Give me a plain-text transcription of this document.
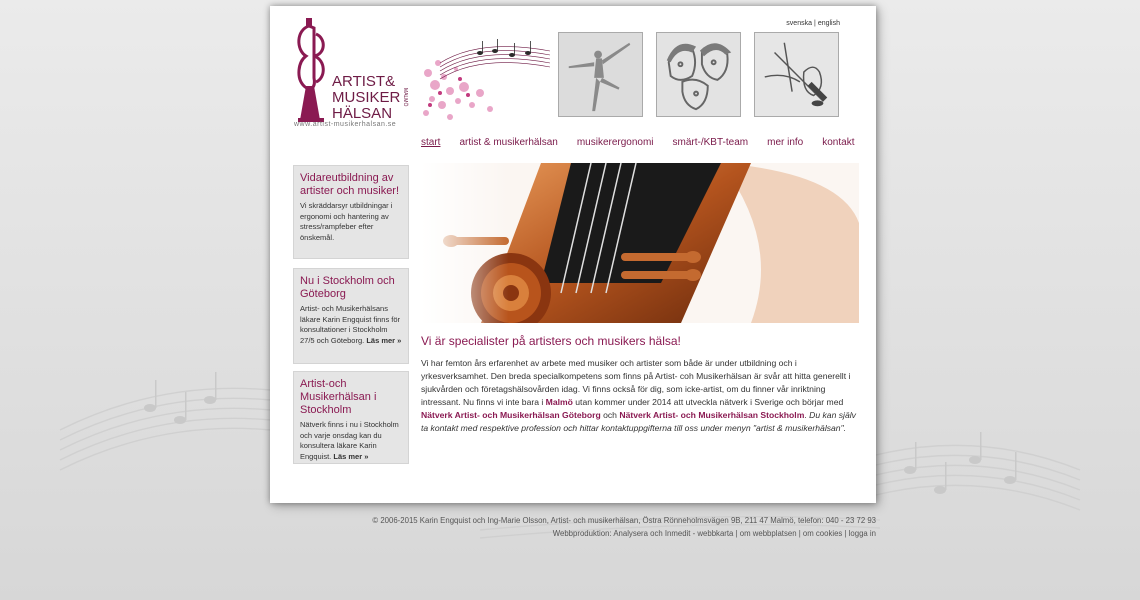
svenska | english
ARTIST&
MUSIKER
HÄLSAN
MALMÖ
www.artist-musikerhalsan.se
start artist & musikerhälsan musikerergonomi smärt-/KBT-team mer info kontakt
Vidareutbildning av artister och musiker!

Vi skräddarsyr utbildningar i ergonomi och hantering av stress/rampfeber efter önskemål.

Nu i Stockholm och Göteborg

Artist- och Musikerhälsans läkare Karin Engquist finns för konsultationer i Stockholm 27/5 och Göteborg. Läs mer »

Artist-och Musikerhälsan i Stockholm

Nätverk finns i nu i Stockholm och varje onsdag kan du konsultera läkare Karin Engquist. Läs mer »

Vi är specialister på artisters och musikers hälsa!
Vi har femton års erfarenhet av arbete med musiker och artister som både är under utbildning och i yrkesverksamhet. Den breda specialkompetens som finns på Artist- coh Musikerhälsan är svår att hitta generellt i sjukvården och företagshälsovården idag. Vi finns också för dig, som icke-artist, om du finner vår inriktning intressant. Nu finns vi inte bara i Malmö utan kommer under 2014 att utveckla nätverk i Sverige och börjar med Nätverk Artist- och Musikerhälsan Göteborg och Nätverk Artist- och Musikerhälsan Stockholm. Du kan själv ta kontakt med respektive profession och hittar kontaktuppgifterna till oss under menyn "artist & musikerhälsan".
© 2006-2015 Karin Engquist och Ing-Marie Olsson, Artist- och musikerhälsan, Östra Rönneholmsvägen 9B, 211 47 Malmö, telefon: 040 - 23 72 93
Webbproduktion: Analysera och Inmedit - webbkarta | om webbplatsen | om cookies | logga in
